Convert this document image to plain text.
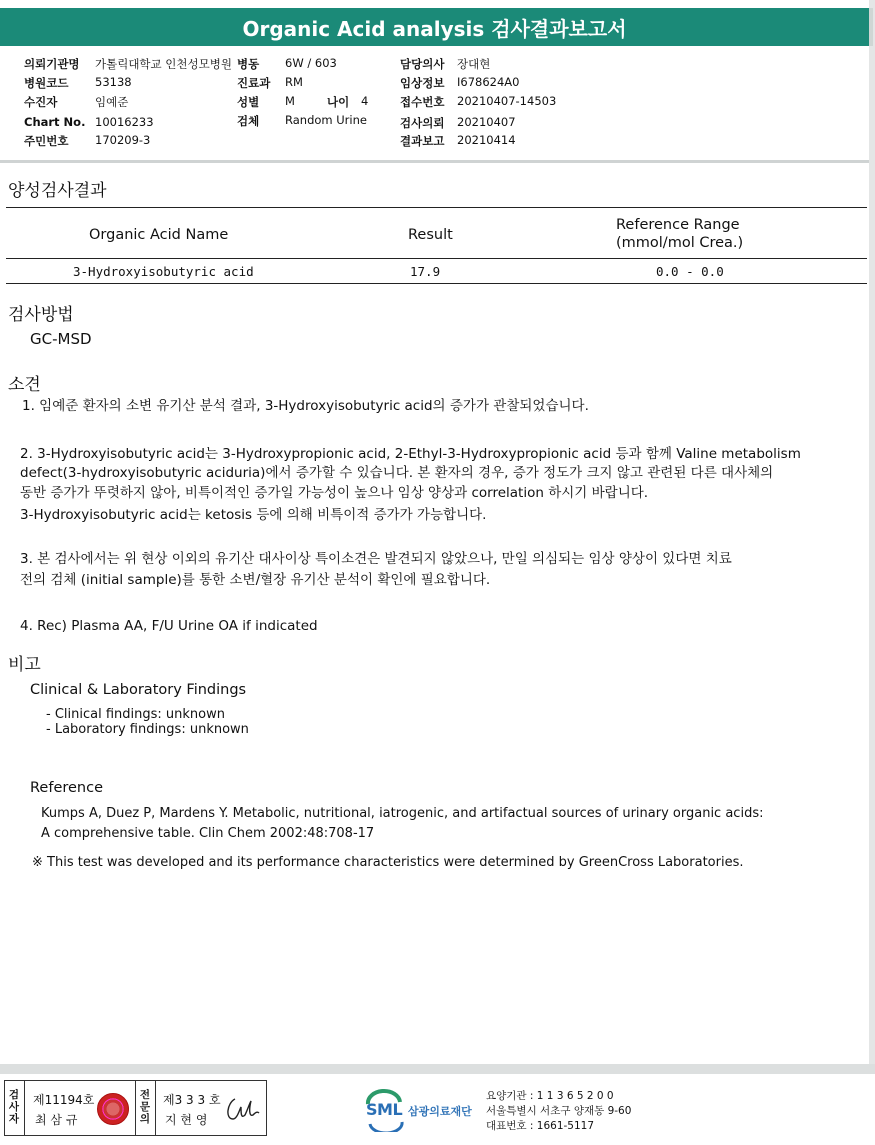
Organic Acid analysis 검사결과보고서
의뢰기관명 가톨릭대학교 인천성모병원
병원코드 53138
수진자	임예준
Chart No. 10016233
주민번호 170209-3
병동 6W / 603
진료과 RM
성별 M	나이 4
검체 Random Urine
담당의사 장대현
임상정보 I678624A0
접수번호 20210407-14503
검사의뢰 20210407
결과보고 20210414
양성검사결과
Organic Acid Name	Result
Reference Range
(mmol/mol Crea.)
3-Hydroxyisobutyric acid	17.9	0.0 - 0.0
검사방법
GC-MSD
소견
1. 임예준 환자의 소변 유기산 분석 결과, 3-Hydroxyisobutyric acid의 증가가 관찰되었습니다.
2. 3-Hydroxyisobutyric acid는 3-Hydroxypropionic acid, 2-Ethyl-3-Hydroxypropionic acid 등과 함께 Valine metabolism
defect(3-hydroxyisobutyric aciduria)에서 증가할 수 있습니다. 본 환자의 경우, 증가 정도가 크지 않고 관련된 다른 대사체의
동반 증가가 뚜렷하지 않아, 비특이적인 증가일 가능성이 높으나 임상 양상과 correlation 하시기 바랍니다.
3-Hydroxyisobutyric acid는 ketosis 등에 의해 비특이적 증가가 가능합니다.
3. 본 검사에서는 위 현상 이외의 유기산 대사이상 특이소견은 발견되지 않았으나, 만일 의심되는 임상 양상이 있다면 치료
전의 검체 (initial sample)를 통한 소변/혈장 유기산 분석이 확인에 필요합니다.
4. Rec) Plasma AA, F/U Urine OA if indicated
비고
Clinical & Laboratory Findings
- Clinical findings: unknown
- Laboratory findings: unknown
Reference
Kumps A, Duez P, Mardens Y. Metabolic, nutritional, iatrogenic, and artifactual sources of urinary organic acids:
A comprehensive table. Clin Chem 2002:48:708-17
※ This test was developed and its performance characteristics were determined by GreenCross Laboratories.
검사자
제11194호
최 삼 규
전문의
제3 3 3 호
지 현 영
SML 삼광의료재단
요양기관 : 1 1 3 6 5 2 0 0
서울특별시 서초구 양재동 9-60
대표번호 : 1661-5117
